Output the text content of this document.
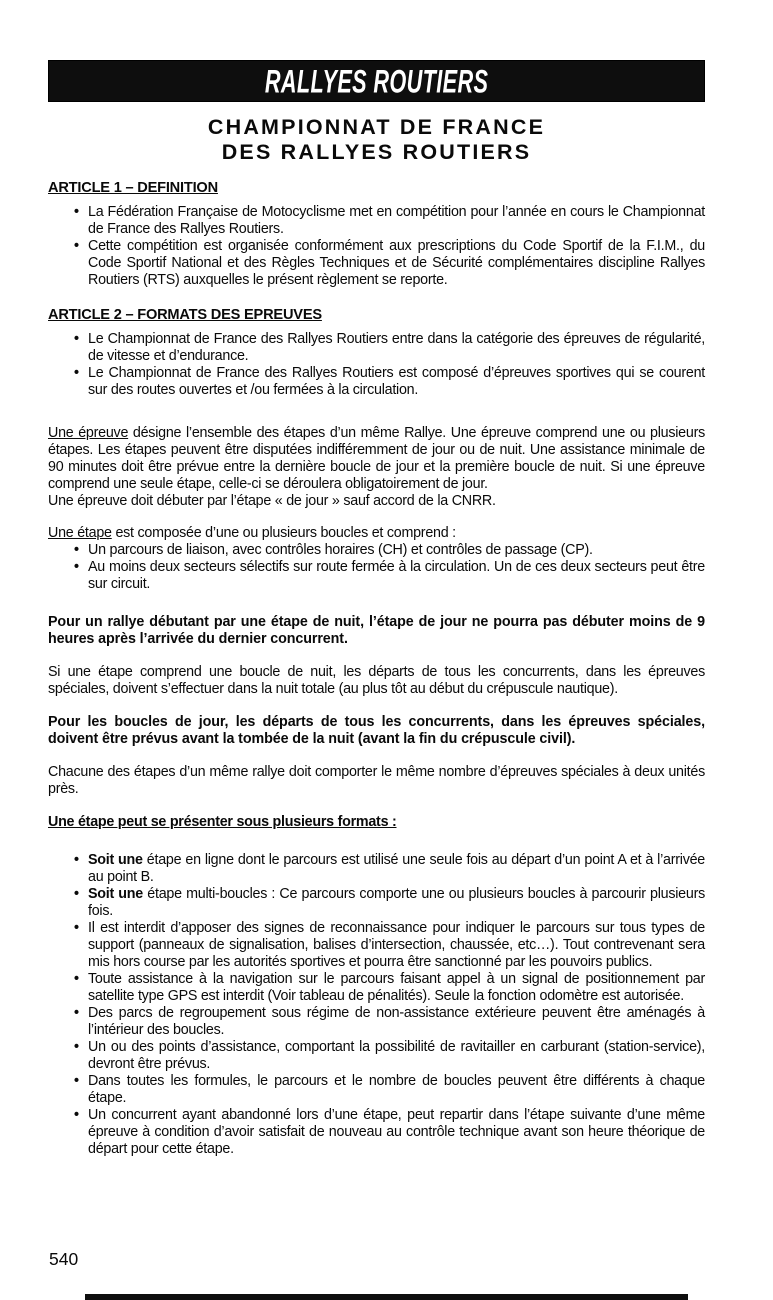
RALLYES ROUTIERS
CHAMPIONNAT DE FRANCE
DES RALLYES ROUTIERS
ARTICLE 1 – DEFINITION
• La Fédération Française de Motocyclisme met en compétition pour l’année en cours le Championnat de France des Rallyes Routiers.
• Cette compétition est organisée conformément aux prescriptions du Code Sportif de la F.I.M., du Code Sportif National et des Règles Techniques et de Sécurité complémentaires discipline Rallyes Routiers (RTS) auxquelles le présent règlement se reporte.
ARTICLE 2 – FORMATS DES EPREUVES
• Le Championnat de France des Rallyes Routiers entre dans la catégorie des épreuves de régularité, de vitesse et d’endurance.
• Le Championnat de France des Rallyes Routiers est composé d’épreuves sportives qui se courent sur des routes ouvertes et /ou fermées à la circulation.
Une épreuve désigne l’ensemble des étapes d’un même Rallye. Une épreuve comprend une ou plusieurs étapes. Les étapes peuvent être disputées indifféremment de jour ou de nuit. Une assistance minimale de 90 minutes doit être prévue entre la dernière boucle de jour et la première boucle de nuit. Si une épreuve comprend une seule étape, celle-ci se déroulera obligatoirement de jour.
Une épreuve doit débuter par l’étape « de jour » sauf accord de la CNRR.
Une étape est composée d’une ou plusieurs boucles et comprend :
• Un parcours de liaison, avec contrôles horaires (CH) et contrôles de passage (CP).
• Au moins deux secteurs sélectifs sur route fermée à la circulation. Un de ces deux secteurs peut être sur circuit.
Pour un rallye débutant par une étape de nuit, l’étape de jour ne pourra pas débuter moins de 9 heures après l’arrivée du dernier concurrent.
Si une étape comprend une boucle de nuit, les départs de tous les concurrents, dans les épreuves spéciales, doivent s’effectuer dans la nuit totale (au plus tôt au début du crépuscule nautique).
Pour les boucles de jour, les départs de tous les concurrents, dans les épreuves spéciales, doivent être prévus avant la tombée de la nuit (avant la fin du crépuscule civil).
Chacune des étapes d’un même rallye doit comporter le même nombre d’épreuves spéciales à deux unités près.
Une étape peut se présenter sous plusieurs formats :
• Soit une étape en ligne dont le parcours est utilisé une seule fois au départ d’un point A et à l’arrivée au point B.
• Soit une étape multi-boucles : Ce parcours comporte une ou plusieurs boucles à parcourir plusieurs fois.
• Il est interdit d’apposer des signes de reconnaissance pour indiquer le parcours sur tous types de support (panneaux de signalisation, balises d’intersection, chaussée, etc…). Tout contrevenant sera mis hors course par les autorités sportives et pourra être sanctionné par les pouvoirs publics.
• Toute assistance à la navigation sur le parcours faisant appel à un signal de positionnement par satellite type GPS est interdit (Voir tableau de pénalités). Seule la fonction odomètre est autorisée.
• Des parcs de regroupement sous régime de non-assistance extérieure peuvent être aménagés à l’intérieur des boucles.
• Un ou des points d’assistance, comportant la possibilité de ravitailler en carburant (station-service), devront être prévus.
• Dans toutes les formules, le parcours et le nombre de boucles peuvent être différents à chaque étape.
• Un concurrent ayant abandonné lors d’une étape, peut repartir dans l’étape suivante d’une même épreuve à condition d’avoir satisfait de nouveau au contrôle technique avant son heure théorique de départ pour cette étape.
540
